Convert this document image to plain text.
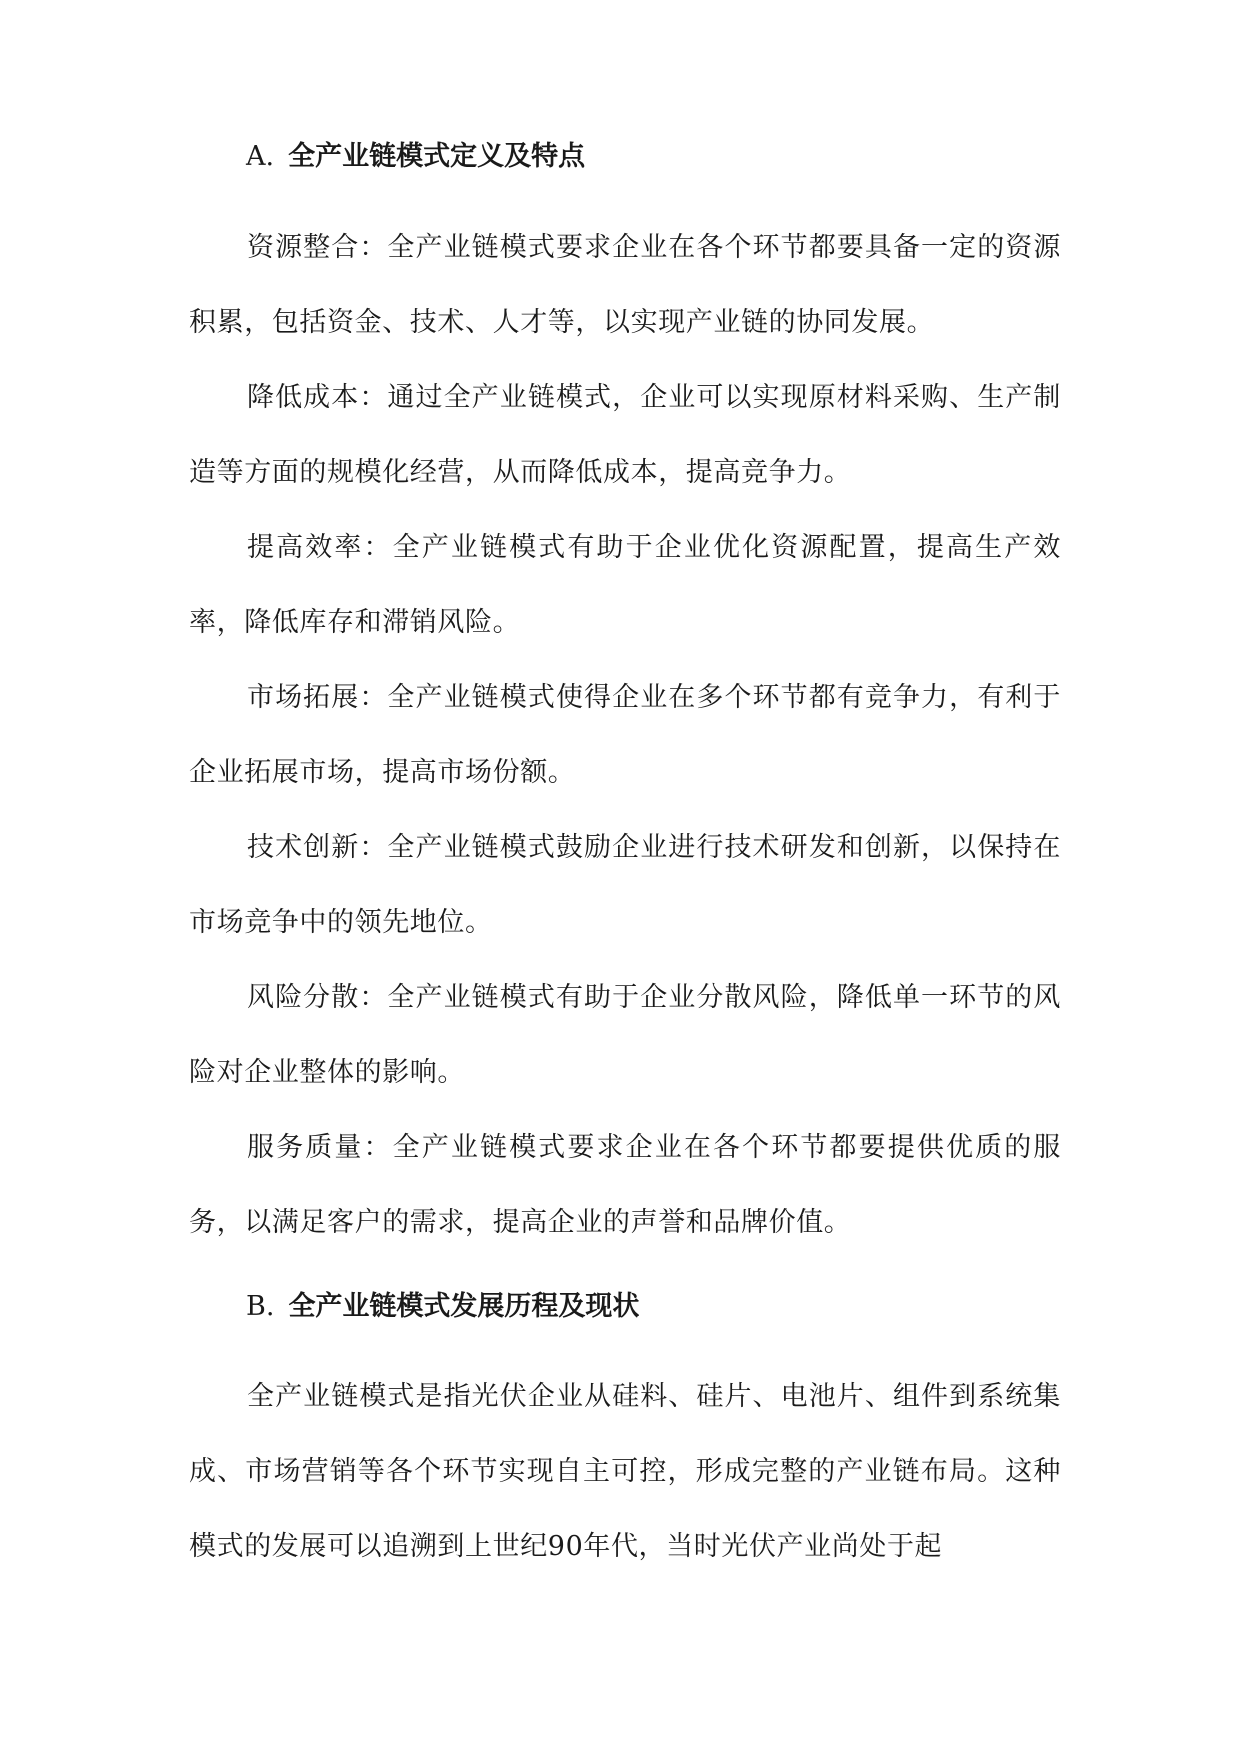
A. 全产业链模式定义及特点

资源整合：全产业链模式要求企业在各个环节都要具备一定的资源积累，包括资金、技术、人才等，以实现产业链的协同发展。

降低成本：通过全产业链模式，企业可以实现原材料采购、生产制造等方面的规模化经营，从而降低成本，提高竞争力。

提高效率：全产业链模式有助于企业优化资源配置，提高生产效率，降低库存和滞销风险。

市场拓展：全产业链模式使得企业在多个环节都有竞争力，有利于企业拓展市场，提高市场份额。

技术创新：全产业链模式鼓励企业进行技术研发和创新，以保持在市场竞争中的领先地位。

风险分散：全产业链模式有助于企业分散风险，降低单一环节的风险对企业整体的影响。

服务质量：全产业链模式要求企业在各个环节都要提供优质的服务，以满足客户的需求，提高企业的声誉和品牌价值。

B. 全产业链模式发展历程及现状

全产业链模式是指光伏企业从硅料、硅片、电池片、组件到系统集成、市场营销等各个环节实现自主可控，形成完整的产业链布局。这种模式的发展可以追溯到上世纪90年代，当时光伏产业尚处于起
